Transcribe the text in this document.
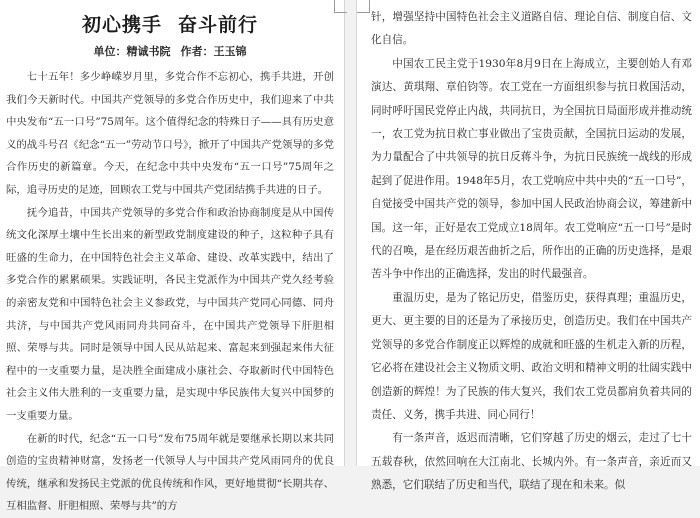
初心携手 奋斗前行
单位：精诚书院 作者：王玉锦

七十五年！多少峥嵘岁月里，多党合作不忘初心，携手共进，开创我们今天新时代。中国共产党领导的多党合作历史中，我们迎来了中共中央发布“五一口号”75周年。这个值得纪念的特殊日子——具有历史意义的战斗号召《纪念“五一”劳动节口号》，掀开了中国共产党领导的多党合作历史的新篇章。今天，在纪念中共中央发布“五一口号”75周年之际，追寻历史的足迹，回顾农工党与中国共产党团结携手共进的日子。

抚今追昔，中国共产党领导的多党合作和政治协商制度是从中国传统文化深厚土壤中生长出来的新型政党制度建设的种子，这粒种子具有旺盛的生命力，在中国特色社会主义革命、建设、改革实践中，结出了多党合作的累累硕果。实践证明，各民主党派作为中国共产党久经考验的亲密友党和中国特色社会主义参政党，与中国共产党同心同德、同舟共济，与中国共产党风雨同舟共同奋斗，在中国共产党领导下肝胆相照、荣辱与共。同时是领导中国人民从站起来、富起来到强起来伟大征程中的一支重要力量，是决胜全面建成小康社会、夺取新时代中国特色社会主义伟大胜利的一支重要力量，是实现中华民族伟大复兴中国梦的一支重要力量。

在新的时代，纪念“五一口号”发布75周年就是要继承长期以来共同创造的宝贵精神财富，发扬老一代领导人与中国共产党风雨同舟的优良传统，继承和发扬民主党派的优良传统和作风，更好地贯彻“长期共存、互相监督、肝胆相照、荣辱与共”的方

针，增强坚持中国特色社会主义道路自信、理论自信、制度自信、文化自信。

中国农工民主党于1930年8月9日在上海成立，主要创始人有邓演达、黄琪翔、章伯钧等。农工党在一方面组织参与抗日救国活动，同时呼吁国民党停止内战，共同抗日，为全国抗日局面形成并推动统一，农工党为抗日救亡事业做出了宝贵贡献，全国抗日运动的发展，为力量配合了中共领导的抗日反蒋斗争，为抗日民族统一战线的形成起到了促进作用。1948年5月，农工党响应中共中央的“五一口号”，自觉接受中国共产党的领导，参加中国人民政治协商会议，筹建新中国。这一年，正好是农工党成立18周年。农工党响应“五一口号”是时代的召唤，是在经历艰苦曲折之后，所作出的正确的历史选择，是艰苦斗争中作出的正确选择，发出的时代最强音。

重温历史，是为了铭记历史，借鉴历史，获得真理；重温历史，更大、更主要的目的还是为了承接历史，创造历史。我们在中国共产党领导的多党合作制度正以辉煌的成就和旺盛的生机走入新的历程，它必将在建设社会主义物质文明、政治文明和精神文明的壮阔实践中创造新的辉煌！为了民族的伟大复兴，我们农工党员都肩负着共同的责任、义务，携手共进、同心同行！

有一条声音，返迟而清晰，它们穿越了历史的烟云，走过了七十五载春秋，依然回响在大江南北、长城内外。有一条声音，亲近而又熟悉，它们联结了历史和当代，联结了现在和未来。似
